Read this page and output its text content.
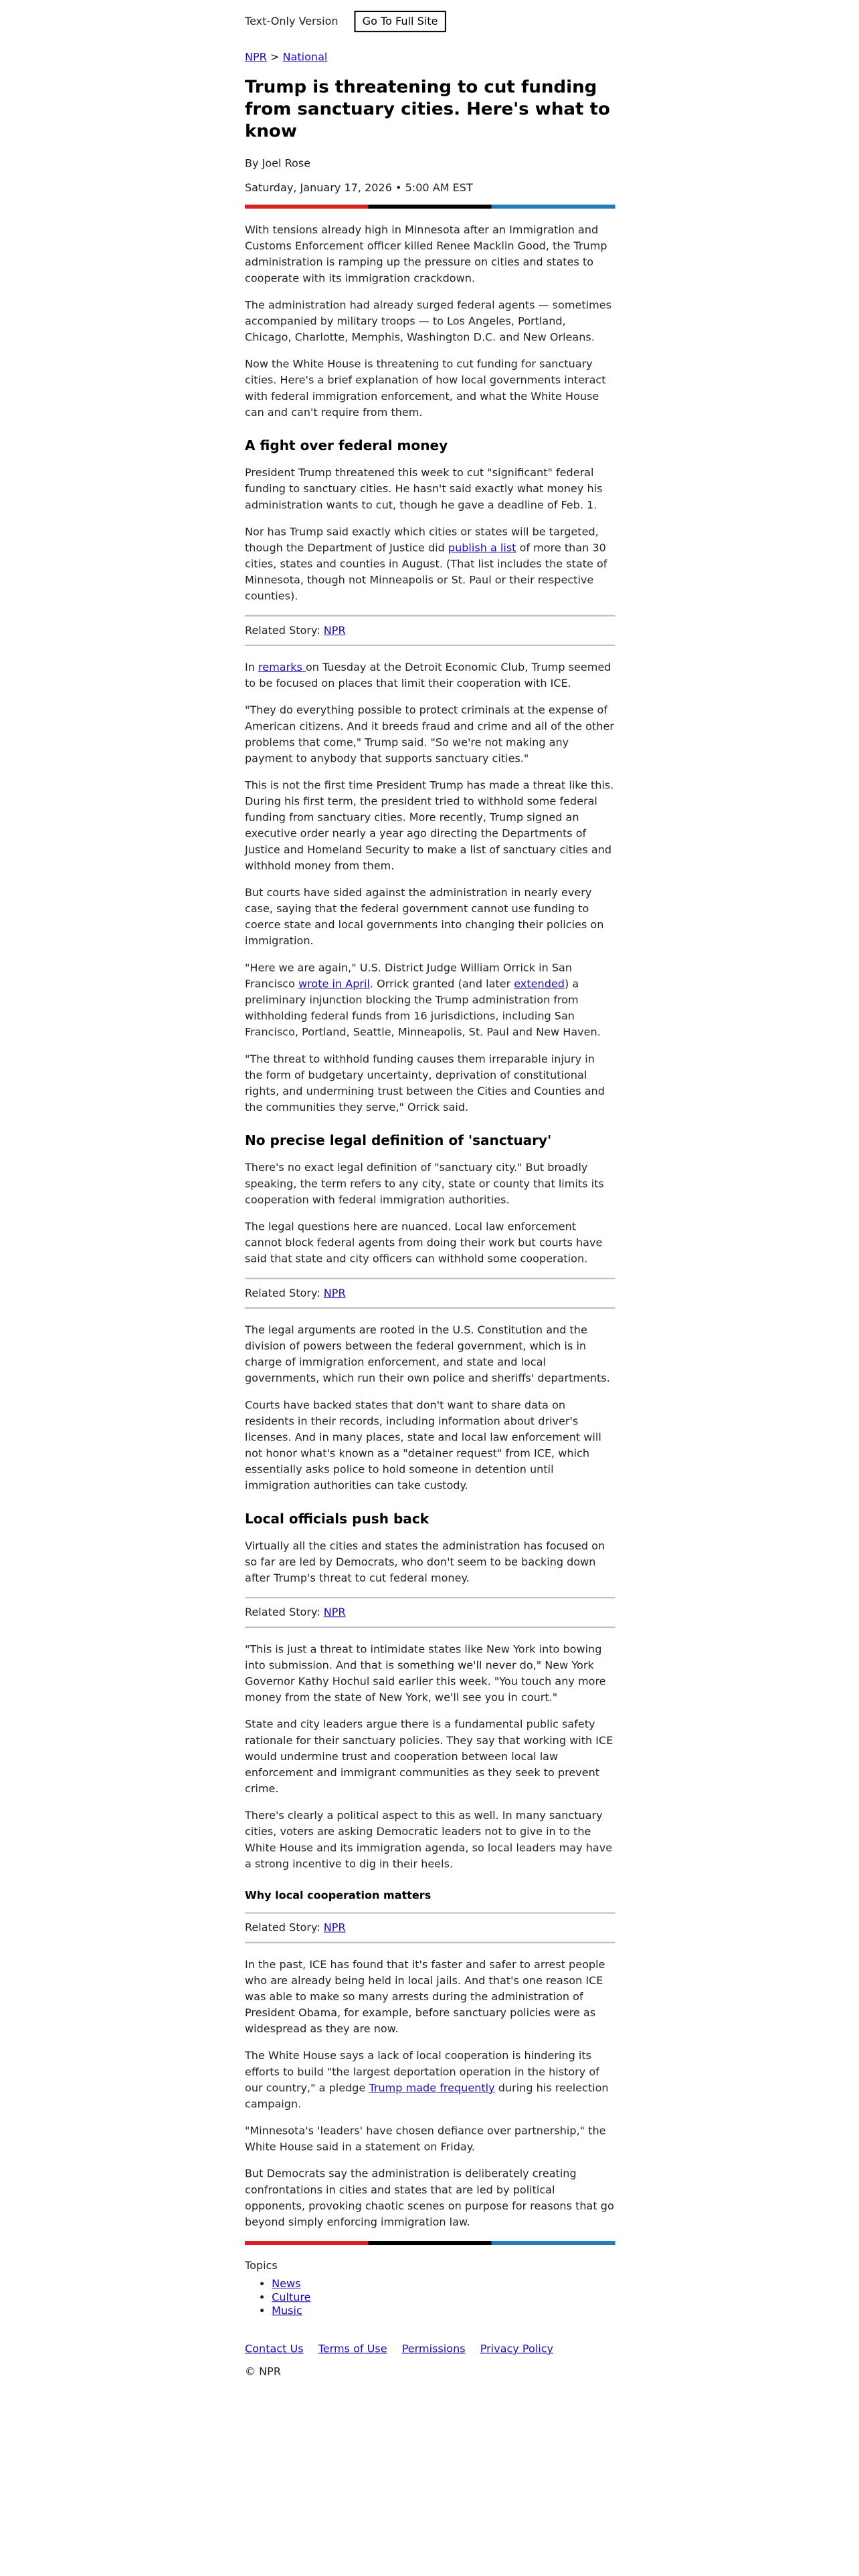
Text-Only Version	Go To Full Site
NPR > National
Trump is threatening to cut funding from sanctuary cities. Here's what to know

By Joel Rose

Saturday, January 17, 2026 • 5:00 AM EST

With tensions already high in Minnesota after an Immigration and Customs Enforcement officer killed Renee Macklin Good, the Trump administration is ramping up the pressure on cities and states to cooperate with its immigration crackdown.

The administration had already surged federal agents — sometimes accompanied by military troops — to Los Angeles, Portland, Chicago, Charlotte, Memphis, Washington D.C. and New Orleans.

Now the White House is threatening to cut funding for sanctuary cities. Here's a brief explanation of how local governments interact with federal immigration enforcement, and what the White House can and can't require from them.

A fight over federal money

President Trump threatened this week to cut "significant" federal funding to sanctuary cities. He hasn't said exactly what money his administration wants to cut, though he gave a deadline of Feb. 1.

Nor has Trump said exactly which cities or states will be targeted, though the Department of Justice did publish a list of more than 30 cities, states and counties in August. (That list includes the state of Minnesota, though not Minneapolis or St. Paul or their respective counties).

Related Story: NPR

In remarks on Tuesday at the Detroit Economic Club, Trump seemed to be focused on places that limit their cooperation with ICE.

"They do everything possible to protect criminals at the expense of American citizens. And it breeds fraud and crime and all of the other problems that come," Trump said. "So we're not making any payment to anybody that supports sanctuary cities."

This is not the first time President Trump has made a threat like this. During his first term, the president tried to withhold some federal funding from sanctuary cities. More recently, Trump signed an executive order nearly a year ago directing the Departments of Justice and Homeland Security to make a list of sanctuary cities and withhold money from them.

But courts have sided against the administration in nearly every case, saying that the federal government cannot use funding to coerce state and local governments into changing their policies on immigration.

"Here we are again," U.S. District Judge William Orrick in San Francisco wrote in April. Orrick granted (and later extended) a preliminary injunction blocking the Trump administration from withholding federal funds from 16 jurisdictions, including San Francisco, Portland, Seattle, Minneapolis, St. Paul and New Haven.

"The threat to withhold funding causes them irreparable injury in the form of budgetary uncertainty, deprivation of constitutional rights, and undermining trust between the Cities and Counties and the communities they serve," Orrick said.

No precise legal definition of 'sanctuary'

There's no exact legal definition of "sanctuary city." But broadly speaking, the term refers to any city, state or county that limits its cooperation with federal immigration authorities.

The legal questions here are nuanced. Local law enforcement cannot block federal agents from doing their work but courts have said that state and city officers can withhold some cooperation.

Related Story: NPR

The legal arguments are rooted in the U.S. Constitution and the division of powers between the federal government, which is in charge of immigration enforcement, and state and local governments, which run their own police and sheriffs' departments.

Courts have backed states that don't want to share data on residents in their records, including information about driver's licenses. And in many places, state and local law enforcement will not honor what's known as a "detainer request" from ICE, which essentially asks police to hold someone in detention until immigration authorities can take custody.

Local officials push back

Virtually all the cities and states the administration has focused on so far are led by Democrats, who don't seem to be backing down after Trump's threat to cut federal money.

Related Story: NPR

"This is just a threat to intimidate states like New York into bowing into submission. And that is something we'll never do," New York Governor Kathy Hochul said earlier this week. "You touch any more money from the state of New York, we'll see you in court."

State and city leaders argue there is a fundamental public safety rationale for their sanctuary policies. They say that working with ICE would undermine trust and cooperation between local law enforcement and immigrant communities as they seek to prevent crime.

There's clearly a political aspect to this as well. In many sanctuary cities, voters are asking Democratic leaders not to give in to the White House and its immigration agenda, so local leaders may have a strong incentive to dig in their heels.

Why local cooperation matters
Related Story: NPR

In the past, ICE has found that it's faster and safer to arrest people who are already being held in local jails. And that's one reason ICE was able to make so many arrests during the administration of President Obama, for example, before sanctuary policies were as widespread as they are now.

The White House says a lack of local cooperation is hindering its efforts to build "the largest deportation operation in the history of our country," a pledge Trump made frequently during his reelection campaign.

"Minnesota's 'leaders' have chosen defiance over partnership," the White House said in a statement on Friday.

But Democrats say the administration is deliberately creating confrontations in cities and states that are led by political opponents, provoking chaotic scenes on purpose for reasons that go beyond simply enforcing immigration law.

Topics
• News
• Culture
• Music
Contact Us Terms of Use Permissions Privacy Policy
© NPR
